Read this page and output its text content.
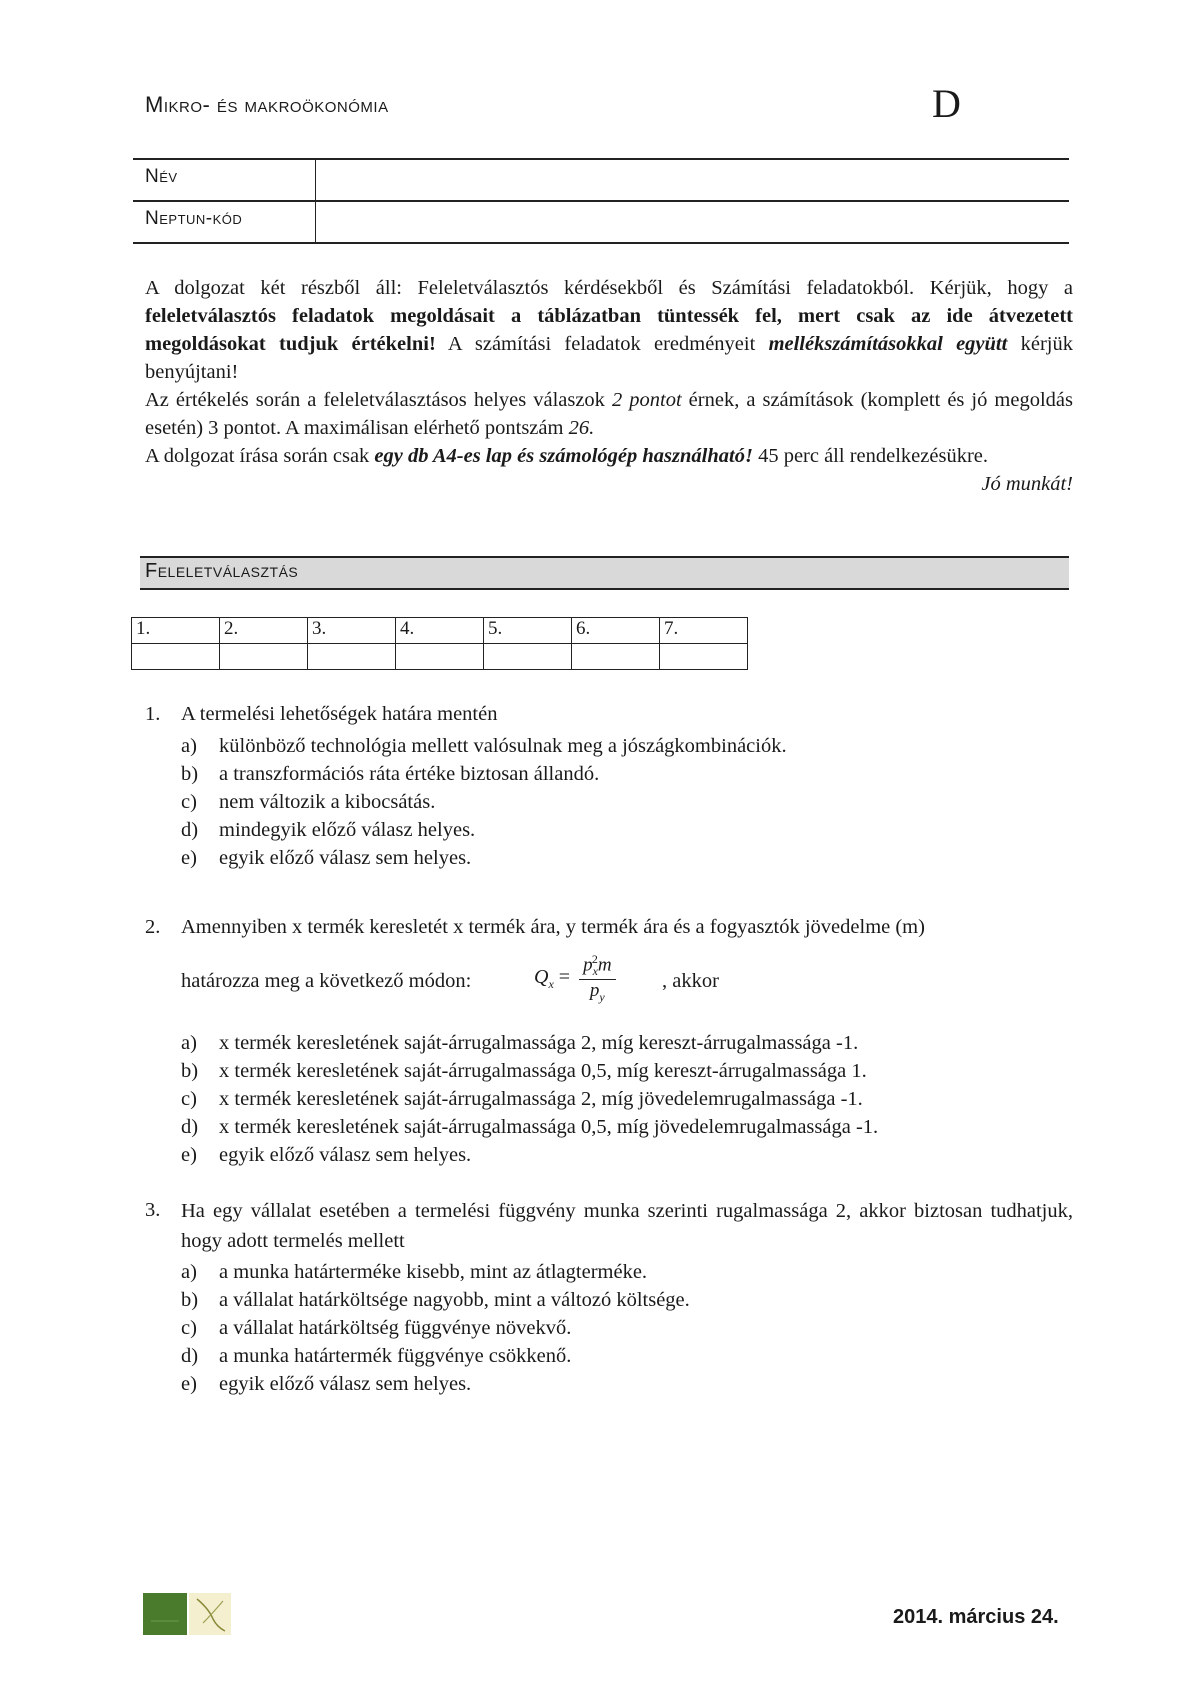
Mikro- és makroökonómia	D
Név
Neptun-kód

A dolgozat két részből áll: Feleletválasztós kérdésekből és Számítási feladatokból. Kérjük, hogy a feleletválasztós feladatok megoldásait a táblázatban tüntessék fel, mert csak az ide átvezetett megoldásokat tudjuk értékelni! A számítási feladatok eredményeit mellékszámításokkal együtt kérjük benyújtani!

Az értékelés során a feleletválasztásos helyes válaszok 2 pontot érnek, a számítások (komplett és jó megoldás esetén) 3 pontot. A maximálisan elérhető pontszám 26.

A dolgozat írása során csak egy db A4-es lap és számológép használható! 45 perc áll rendelkezésükre.

Jó munkát!

Feleletválasztás
1.	2.	3.	4.	5.	6.	7.

1. A termelési lehetőségek határa mentén
a) különböző technológia mellett valósulnak meg a jószágkombinációk.
b) a transzformációs ráta értéke biztosan állandó.
c) nem változik a kibocsátás.
d) mindegyik előző válasz helyes.
e) egyik előző válasz sem helyes.
2. Amennyiben x termék keresletét x termék ára, y termék ára és a fogyasztók jövedelme (m)
határozza meg a következő módon:	, akkor
a) x termék keresletének saját-árrugalmassága 2, míg kereszt-árrugalmassága -1.
b) x termék keresletének saját-árrugalmassága 0,5, míg kereszt-árrugalmassága 1.
c) x termék keresletének saját-árrugalmassága 2, míg jövedelemrugalmassága -1.
d) x termék keresletének saját-árrugalmassága 0,5, míg jövedelemrugalmassága -1.
e) egyik előző válasz sem helyes.
$Q_x = \frac{p_x^2m}{p_y}$
3. Ha egy vállalat esetében a termelési függvény munka szerinti rugalmassága 2, akkor biztosan tudhatjuk, hogy adott termelés mellett
a) a munka határterméke kisebb, mint az átlagterméke.
b) a vállalat határköltsége nagyobb, mint a változó költsége.
c) a vállalat határköltség függvénye növekvő.
d) a munka határtermék függvénye csökkenő.
e) egyik előző válasz sem helyes.
2014. március 24.
